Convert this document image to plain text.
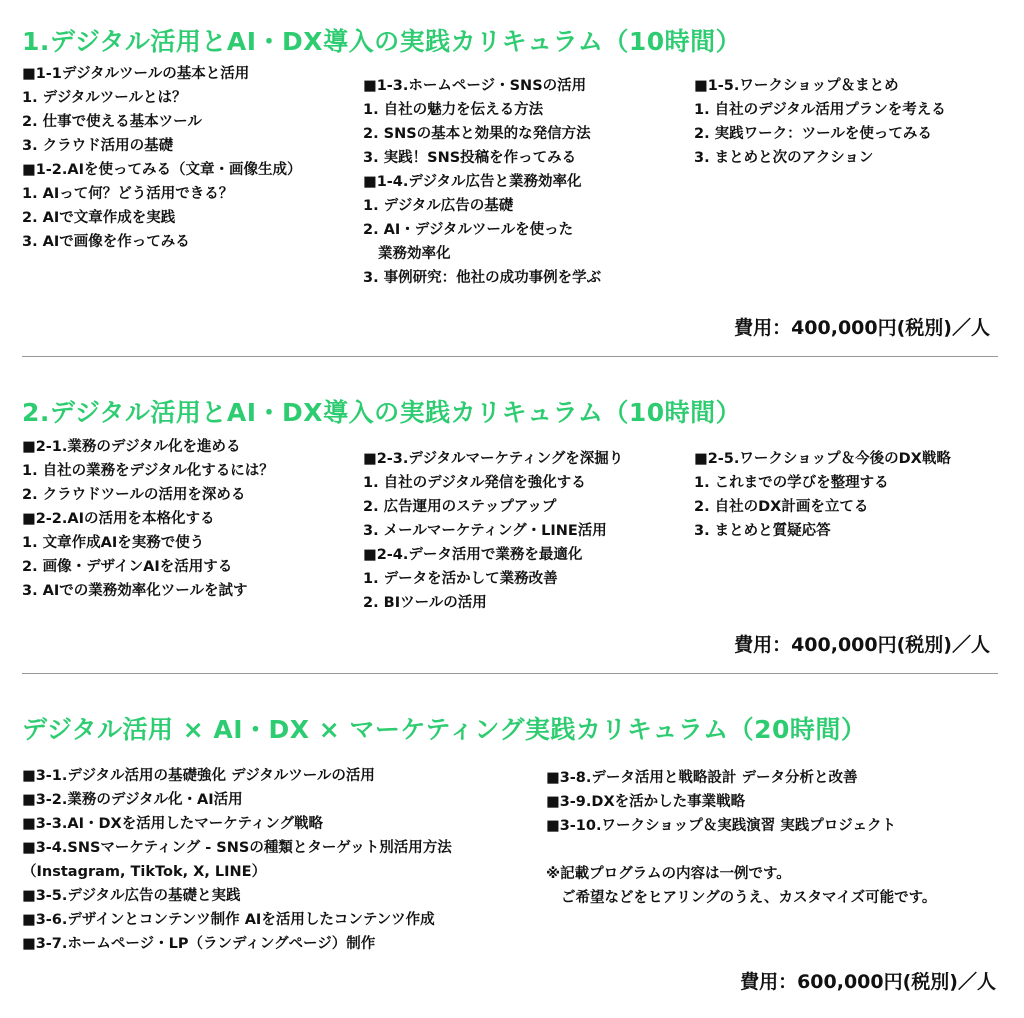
1.デジタル活用とAI・DX導入の実践カリキュラム（10時間）
■1-1デジタルツールの基本と活用
1. デジタルツールとは？
2. 仕事で使える基本ツール
3. クラウド活用の基礎
■1-2.AIを使ってみる（文章・画像生成）
1. AIって何？どう活用できる？
2. AIで文章作成を実践
3. AIで画像を作ってみる
■1-3.ホームページ・SNSの活用
1. 自社の魅力を伝える方法
2. SNSの基本と効果的な発信方法
3. 実践！SNS投稿を作ってみる
■1-4.デジタル広告と業務効率化
1. デジタル広告の基礎
2. AI・デジタルツールを使った
業務効率化
3. 事例研究：他社の成功事例を学ぶ
■1-5.ワークショップ＆まとめ
1. 自社のデジタル活用プランを考える
2. 実践ワーク：ツールを使ってみる
3. まとめと次のアクション
費用：400,000円(税別)／人
2.デジタル活用とAI・DX導入の実践カリキュラム（10時間）
■2-1.業務のデジタル化を進める
1. 自社の業務をデジタル化するには？
2. クラウドツールの活用を深める
■2-2.AIの活用を本格化する
1. 文章作成AIを実務で使う
2. 画像・デザインAIを活用する
3. AIでの業務効率化ツールを試す
■2-3.デジタルマーケティングを深掘り
1. 自社のデジタル発信を強化する
2. 広告運用のステップアップ
3. メールマーケティング・LINE活用
■2-4.データ活用で業務を最適化
1. データを活かして業務改善
2. BIツールの活用
■2-5.ワークショップ＆今後のDX戦略
1. これまでの学びを整理する
2. 自社のDX計画を立てる
3. まとめと質疑応答
費用：400,000円(税別)／人
デジタル活用 × AI・DX × マーケティング実践カリキュラム（20時間）
■3-1.デジタル活用の基礎強化 デジタルツールの活用
■3-2.業務のデジタル化・AI活用
■3-3.AI・DXを活用したマーケティング戦略
■3-4.SNSマーケティング - SNSの種類とターゲット別活用方法
（Instagram, TikTok, X, LINE）
■3-5.デジタル広告の基礎と実践
■3-6.デザインとコンテンツ制作 AIを活用したコンテンツ作成
■3-7.ホームページ・LP（ランディングページ）制作
■3-8.データ活用と戦略設計 データ分析と改善
■3-9.DXを活かした事業戦略
■3-10.ワークショップ＆実践演習 実践プロジェクト
※記載プログラムの内容は一例です。
ご希望などをヒアリングのうえ、カスタマイズ可能です。
費用：600,000円(税別)／人
